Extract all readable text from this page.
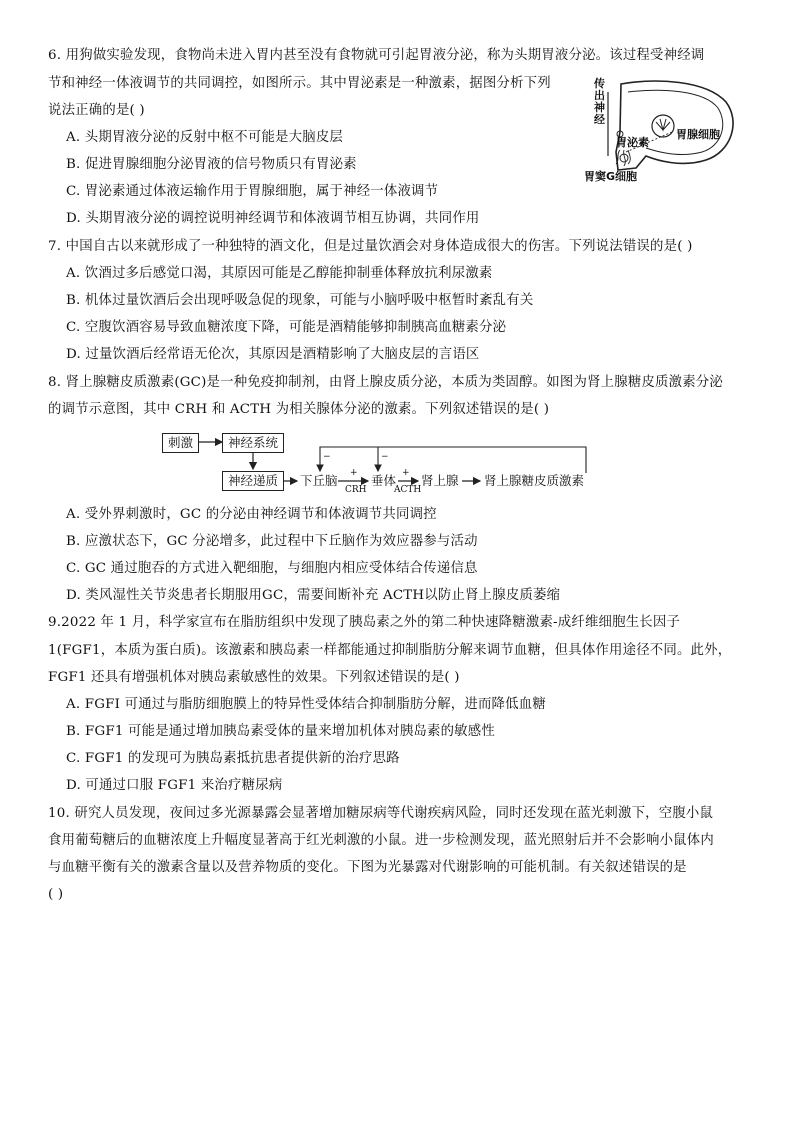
6. 用狗做实验发现，食物尚未进入胃内甚至没有食物就可引起胃液分泌，称为头期胃液分泌。该过程受神经调
节和神经一体液调节的共同调控，如图所示。其中胃泌素是一种激素，据图分析下列
说法正确的是( )
A. 头期胃液分泌的反射中枢不可能是大脑皮层
B. 促进胃腺细胞分泌胃液的信号物质只有胃泌素
C. 胃泌素通过体液运输作用于胃腺细胞，属于神经一体液调节
D. 头期胃液分泌的调控说明神经调节和体液调节相互协调，共同作用
胃泌素
胃腺细胞
胃窦G细胞
传出神经
7. 中国自古以来就形成了一种独特的酒文化，但是过量饮酒会对身体造成很大的伤害。下列说法错误的是( )
A. 饮酒过多后感觉口渴，其原因可能是乙醇能抑制垂体释放抗利尿激素
B. 机体过量饮酒后会出现呼吸急促的现象，可能与小脑呼吸中枢暂时紊乱有关
C. 空腹饮酒容易导致血糖浓度下降，可能是酒精能够抑制胰高血糖素分泌
D. 过量饮酒后经常语无伦次，其原因是酒精影响了大脑皮层的言语区
8. 肾上腺糖皮质激素(GC)是一种免疫抑制剂，由肾上腺皮质分泌，本质为类固醇。如图为肾上腺糖皮质激素分泌
的调节示意图，其中 CRH 和 ACTH 为相关腺体分泌的激素。下列叙述错误的是( )
刺激	神经系统
神经递质	下丘脑	垂体 肾上腺 肾上腺糖皮质激素
CRH	ACTH
+	+
−	−
A. 受外界刺激时，GC 的分泌由神经调节和体液调节共同调控
B. 应激状态下，GC 分泌增多，此过程中下丘脑作为效应器参与活动
C. GC 通过胞吞的方式进入靶细胞，与细胞内相应受体结合传递信息
D. 类风湿性关节炎患者长期服用GC，需要间断补充 ACTH以防止肾上腺皮质萎缩
9.2022 年 1 月，科学家宣布在脂肪组织中发现了胰岛素之外的第二种快速降糖激素-成纤维细胞生长因子
1(FGF1，本质为蛋白质)。该激素和胰岛素一样都能通过抑制脂肪分解来调节血糖，但具体作用途径不同。此外，
FGF1 还具有增强机体对胰岛素敏感性的效果。下列叙述错误的是( )
A. FGFI 可通过与脂肪细胞膜上的特异性受体结合抑制脂肪分解，进而降低血糖
B. FGF1 可能是通过增加胰岛素受体的量来增加机体对胰岛素的敏感性
C. FGF1 的发现可为胰岛素抵抗患者提供新的治疗思路
D. 可通过口服 FGF1 来治疗糖尿病
10. 研究人员发现，夜间过多光源暴露会显著增加糖尿病等代谢疾病风险，同时还发现在蓝光刺激下，空腹小鼠
食用葡萄糖后的血糖浓度上升幅度显著高于红光刺激的小鼠。进一步检测发现，蓝光照射后并不会影响小鼠体内
与血糖平衡有关的激素含量以及营养物质的变化。下图为光暴露对代谢影响的可能机制。有关叙述错误的是
( )
